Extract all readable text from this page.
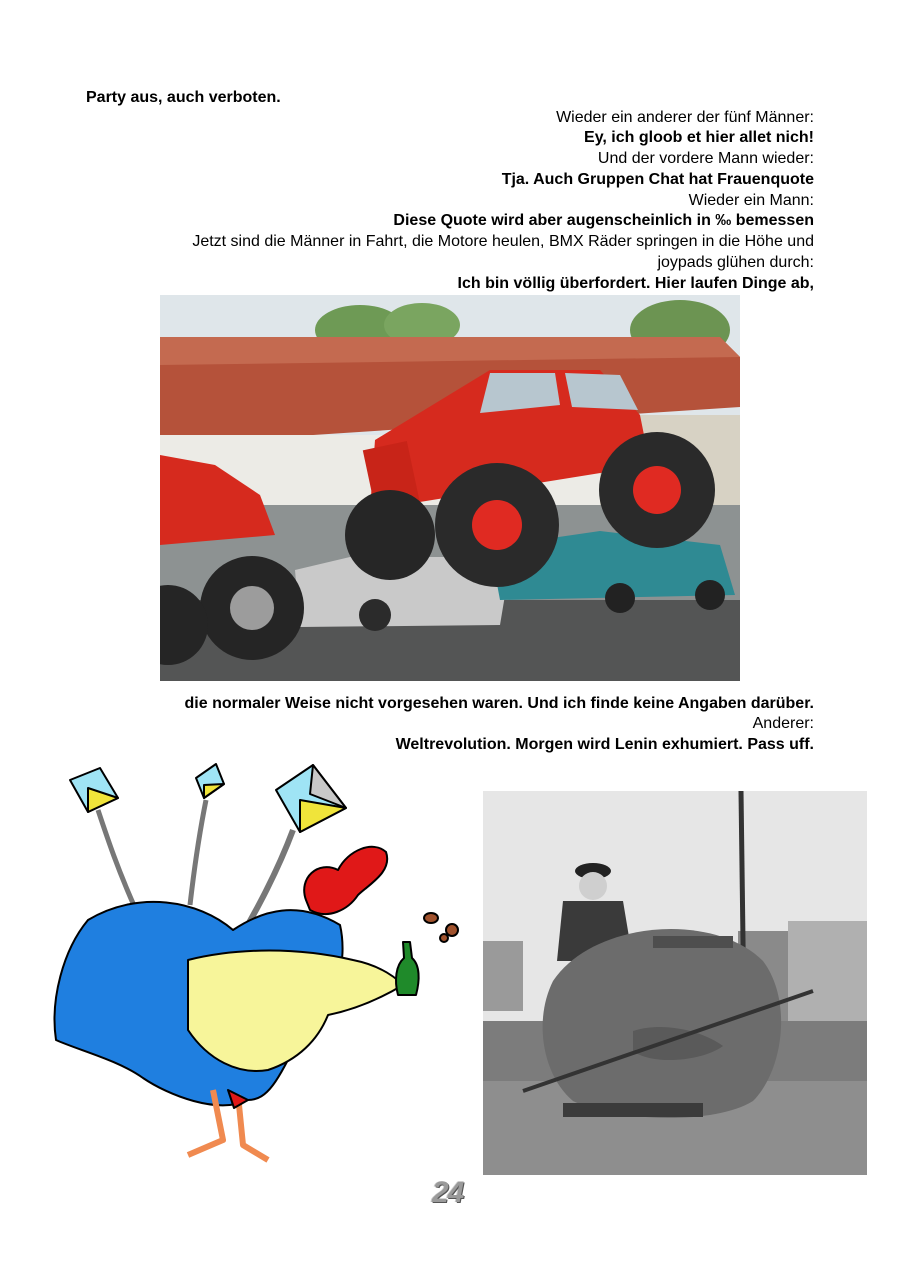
Party aus, auch verboten.
Wieder ein anderer der fünf Männer:
Ey, ich gloob et hier allet nich!
Und der vordere Mann wieder:
Tja. Auch Gruppen Chat hat Frauenquote
Wieder ein Mann:
Diese Quote wird aber augenscheinlich in ‰ bemessen
Jetzt sind die Männer in Fahrt, die Motore heulen, BMX Räder springen in die Höhe und
joypads glühen durch:
Ich bin völlig überfordert. Hier laufen Dinge ab,
die normaler Weise nicht vorgesehen waren. Und ich finde keine Angaben darüber.
Anderer:
Weltrevolution. Morgen wird Lenin exhumiert. Pass uff.
24
